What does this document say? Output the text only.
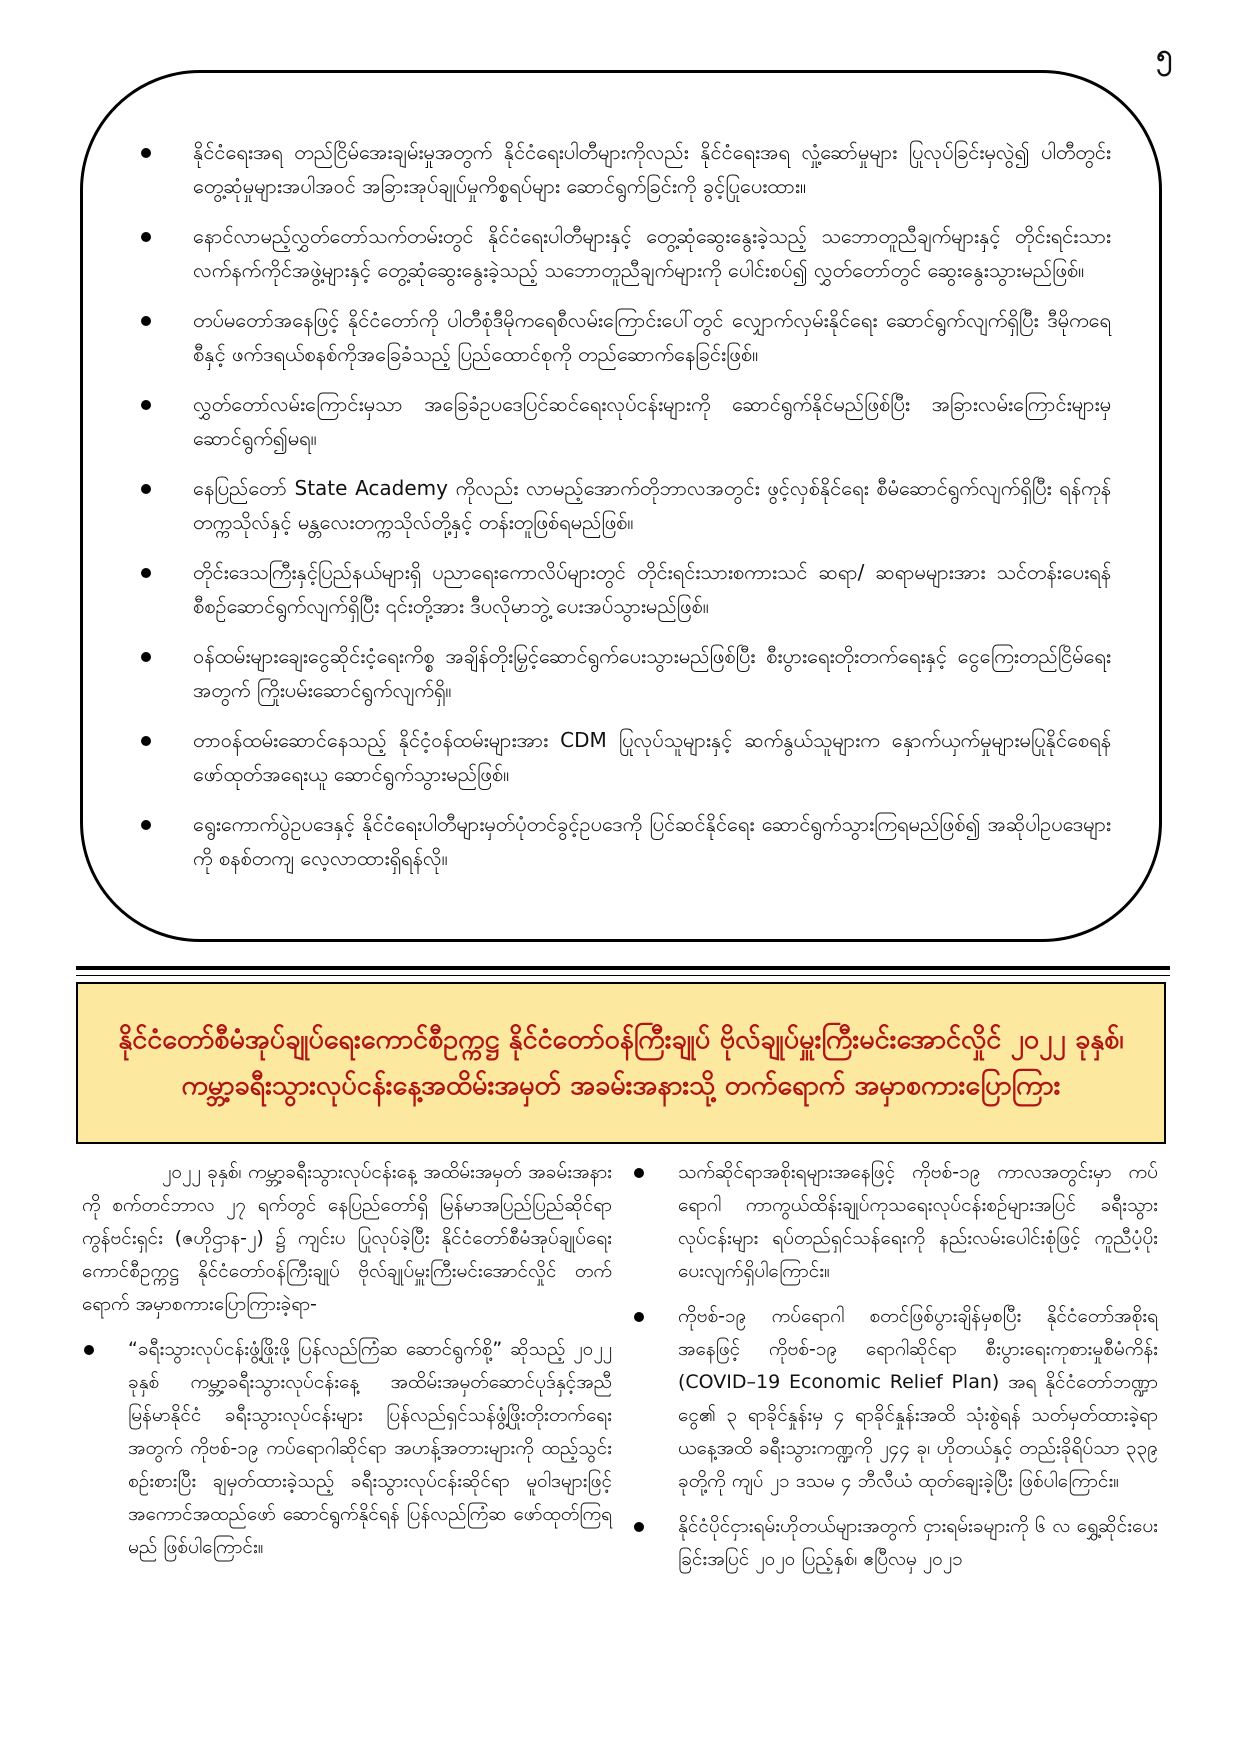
၅
နိုင်ငံရေးအရ တည်ငြိမ်အေးချမ်းမှုအတွက် နိုင်ငံရေးပါတီများကိုလည်း နိုင်ငံရေးအရ လှုံ့ဆော်မှုများ ပြုလုပ်ခြင်းမှလွဲ၍ ပါတီတွင်းတွေ့ဆုံမှုများအပါအဝင် အခြားအုပ်ချုပ်မှုကိစ္စရပ်များ ဆောင်ရွက်ခြင်းကို ခွင့်ပြုပေးထား။
နောင်လာမည့်လွှတ်တော်သက်တမ်းတွင် နိုင်ငံရေးပါတီများနှင့် တွေ့ဆုံဆွေးနွေးခဲ့သည့် သဘောတူညီချက်များနှင့် တိုင်းရင်းသားလက်နက်ကိုင်အဖွဲ့များနှင့် တွေ့ဆုံဆွေးနွေးခဲ့သည့် သဘောတူညီချက်များကို ပေါင်းစပ်၍ လွှတ်တော်တွင် ဆွေးနွေးသွားမည်ဖြစ်။
တပ်မတော်အနေဖြင့် နိုင်ငံတော်ကို ပါတီစုံဒီမိုကရေစီလမ်းကြောင်းပေါ်တွင် လျှောက်လှမ်းနိုင်ရေး ဆောင်ရွက်လျက်ရှိပြီး ဒီမိုကရေစီနှင့် ဖက်ဒရယ်စနစ်ကိုအခြေခံသည့် ပြည်ထောင်စုကို တည်ဆောက်နေခြင်းဖြစ်။
လွှတ်တော်လမ်းကြောင်းမှသာ အခြေခံဥပဒေပြင်ဆင်ရေးလုပ်ငန်းများကို ဆောင်ရွက်နိုင်မည်ဖြစ်ပြီး အခြားလမ်းကြောင်းများမှ ဆောင်ရွက်၍မရ။
နေပြည်တော် State Academy ကိုလည်း လာမည့်အောက်တိုဘာလအတွင်း ဖွင့်လှစ်နိုင်ရေး စီမံဆောင်ရွက်လျက်ရှိပြီး ရန်ကုန်တက္ကသိုလ်နှင့် မန္တလေးတက္ကသိုလ်တို့နှင့် တန်းတူဖြစ်ရမည်ဖြစ်။
တိုင်းဒေသကြီးနှင့်ပြည်နယ်များရှိ ပညာရေးကောလိပ်များတွင် တိုင်းရင်းသားစကားသင် ဆရာ/ ဆရာမများအား သင်တန်းပေးရန် စီစဉ်ဆောင်ရွက်လျက်ရှိပြီး ၎င်းတို့အား ဒီပလိုမာဘွဲ့ ပေးအပ်သွားမည်ဖြစ်။
ဝန်ထမ်းများချေးငွေဆိုင်းငံ့ရေးကိစ္စ အချိန်တိုးမြှင့်ဆောင်ရွက်ပေးသွားမည်ဖြစ်ပြီး စီးပွားရေးတိုးတက်ရေးနှင့် ငွေကြေးတည်ငြိမ်ရေးအတွက် ကြိုးပမ်းဆောင်ရွက်လျက်ရှိ။
တာဝန်ထမ်းဆောင်နေသည့် နိုင်ငံ့ဝန်ထမ်းများအား CDM ပြုလုပ်သူများနှင့် ဆက်နွယ်သူများက နှောက်ယှက်မှုများမပြုနိုင်စေရန် ဖော်ထုတ်အရေးယူ ဆောင်ရွက်သွားမည်ဖြစ်။
ရွေးကောက်ပွဲဥပဒေနှင့် နိုင်ငံရေးပါတီများမှတ်ပုံတင်ခွင့်ဥပဒေကို ပြင်ဆင်နိုင်ရေး ဆောင်ရွက်သွားကြရမည်ဖြစ်၍ အဆိုပါဥပဒေများကို စနစ်တကျ လေ့လာထားရှိရန်လို။
နိုင်ငံတော်စီမံအုပ်ချုပ်ရေးကောင်စီဥက္ကဋ္ဌ နိုင်ငံတော်ဝန်ကြီးချုပ် ဗိုလ်ချုပ်မှူးကြီးမင်းအောင်လှိုင် ၂၀၂၂ ခုနှစ်၊ ကမ္ဘာ့ခရီးသွားလုပ်ငန်းနေ့အထိမ်းအမှတ် အခမ်းအနားသို့ တက်ရောက် အမှာစကားပြောကြား

၂၀၂၂ ခုနှစ်၊ ကမ္ဘာ့ခရီးသွားလုပ်ငန်းနေ့ အထိမ်းအမှတ် အခမ်းအနားကို စက်တင်ဘာလ ၂၇ ရက်တွင် နေပြည်တော်ရှိ မြန်မာအပြည်ပြည်ဆိုင်ရာ ကွန်ဗင်းရှင်း (ဇဟိုဌာန-၂) ၌ ကျင်းပ ပြုလုပ်ခဲ့ပြီး နိုင်ငံတော်စီမံအုပ်ချုပ်ရေးကောင်စီဥက္ကဋ္ဌ နိုင်ငံတော်ဝန်ကြီးချုပ် ဗိုလ်ချုပ်မှူးကြီးမင်းအောင်လှိုင် တက်ရောက် အမှာစကားပြောကြားခဲ့ရာ-

“ခရီးသွားလုပ်ငန်းဖွံ့ဖြိုးဖို့ ပြန်လည်ကြံဆ ဆောင်ရွက်စို့” ဆိုသည့် ၂၀၂၂ ခုနှစ် ကမ္ဘာ့ခရီးသွားလုပ်ငန်းနေ့ အထိမ်းအမှတ်ဆောင်ပုဒ်နှင့်အညီ မြန်မာနိုင်ငံ ခရီးသွားလုပ်ငန်းများ ပြန်လည်ရှင်သန်ဖွံ့ဖြိုးတိုးတက်ရေးအတွက် ကိုဗစ်-၁၉ ကပ်ရောဂါဆိုင်ရာ အဟန့်အတားများကို ထည့်သွင်းစဉ်းစားပြီး ချမှတ်ထားခဲ့သည့် ခရီးသွားလုပ်ငန်းဆိုင်ရာ မူဝါဒများဖြင့် အကောင်အထည်ဖော် ဆောင်ရွက်နိုင်ရန် ပြန်လည်ကြံဆ ဖော်ထုတ်ကြရမည် ဖြစ်ပါကြောင်း။
သက်ဆိုင်ရာအစိုးရများအနေဖြင့် ကိုဗစ်-၁၉ ကာလအတွင်းမှာ ကပ်ရောဂါ ကာကွယ်ထိန်းချုပ်ကုသရေးလုပ်ငန်းစဉ်များအပြင် ခရီးသွားလုပ်ငန်းများ ရပ်တည်ရှင်သန်ရေးကို နည်းလမ်းပေါင်းစုံဖြင့် ကူညီပံ့ပိုးပေးလျက်ရှိပါကြောင်း။
ကိုဗစ်-၁၉ ကပ်ရောဂါ စတင်ဖြစ်ပွားချိန်မှစပြီး နိုင်ငံတော်အစိုးရအနေဖြင့် ကိုဗစ်-၁၉ ရောဂါဆိုင်ရာ စီးပွားရေးကုစားမှုစီမံကိန်း (COVID–19 Economic Relief Plan) အရ နိုင်ငံတော်ဘဏ္ဍာငွေ၏ ၃ ရာခိုင်နှုန်းမှ ၄ ရာခိုင်နှုန်းအထိ သုံးစွဲရန် သတ်မှတ်ထားခဲ့ရာ ယနေ့အထိ ခရီးသွားကဏ္ဍကို ၂၄၄ ခု၊ ဟိုတယ်နှင့် တည်းခိုရိပ်သာ ၃၃၉ ခုတို့ကို ကျပ် ၂၁ ဒသမ ၄ ဘီလီယံ ထုတ်ချေးခဲ့ပြီး ဖြစ်ပါကြောင်း။
နိုင်ငံပိုင်ငှားရမ်းဟိုတယ်များအတွက် ငှားရမ်းခများကို ၆ လ ရွှေ့ဆိုင်းပေးခြင်းအပြင် ၂၀၂၀ ပြည့်နှစ်၊ ဧပြီလမှ ၂၀၂၁
